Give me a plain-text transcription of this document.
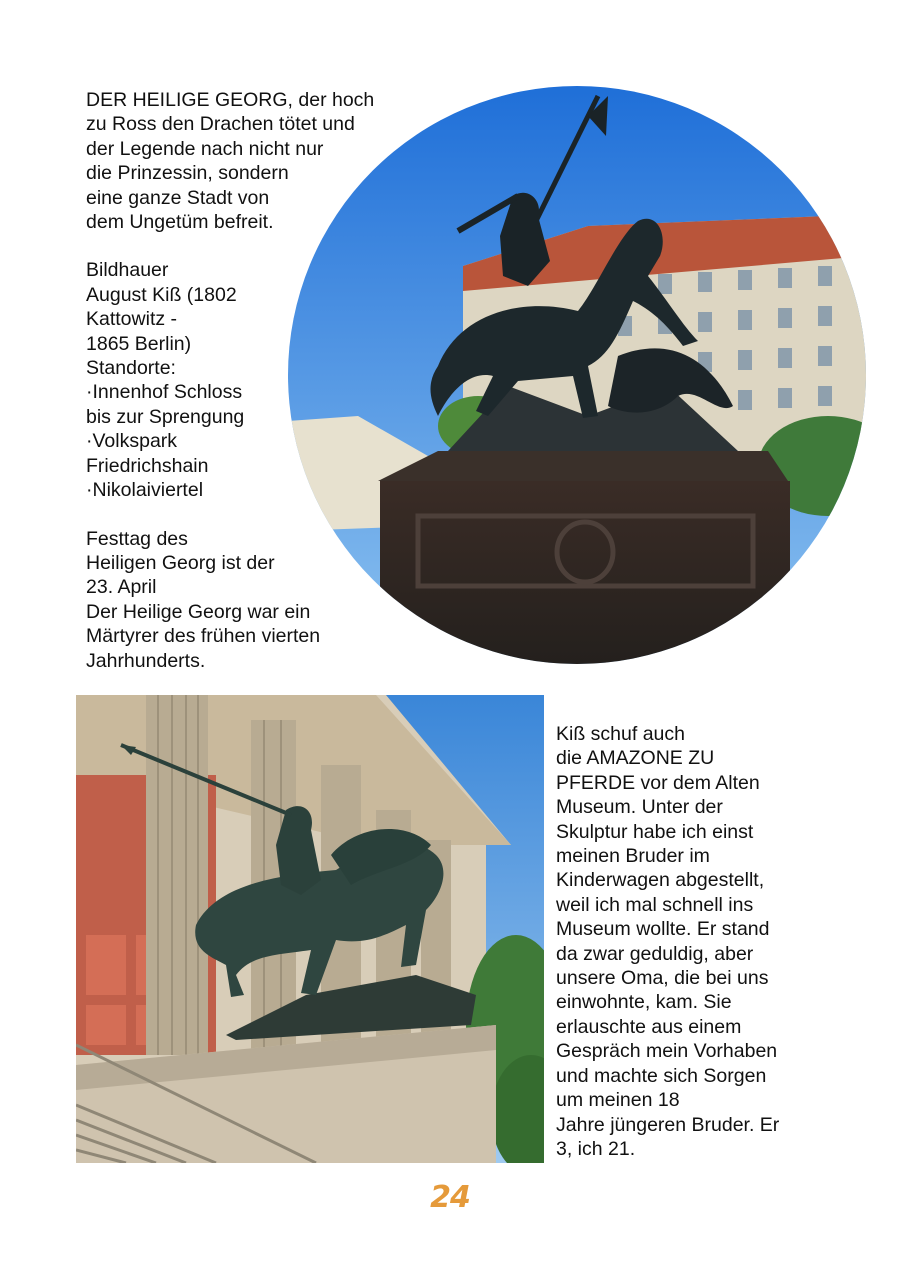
DER HEILIGE GEORG, der hoch
zu Ross den Drachen tötet und
der Legende nach nicht nur
die Prinzessin, sondern
eine ganze Stadt von
dem Ungetüm befreit.

Bildhauer
August Kiß (1802
Kattowitz -
1865 Berlin)
Standorte:
·Innenhof Schloss
bis zur Sprengung
·Volkspark
Friedrichshain
·Nikolaiviertel

Festtag des
Heiligen Georg ist der
23. April
Der Heilige Georg war ein
Märtyrer des frühen vierten
Jahrhunderts.

Kiß schuf auch
die AMAZONE ZU
PFERDE vor dem Alten
Museum. Unter der
Skulptur habe ich einst
meinen Bruder im
Kinderwagen abgestellt,
weil ich mal schnell ins
Museum wollte. Er stand
da zwar geduldig, aber
unsere Oma, die bei uns
einwohnte, kam. Sie
erlauschte aus einem
Gespräch mein Vorhaben
und machte sich Sorgen
um meinen 18
Jahre jüngeren Bruder. Er
3, ich 21.

24
